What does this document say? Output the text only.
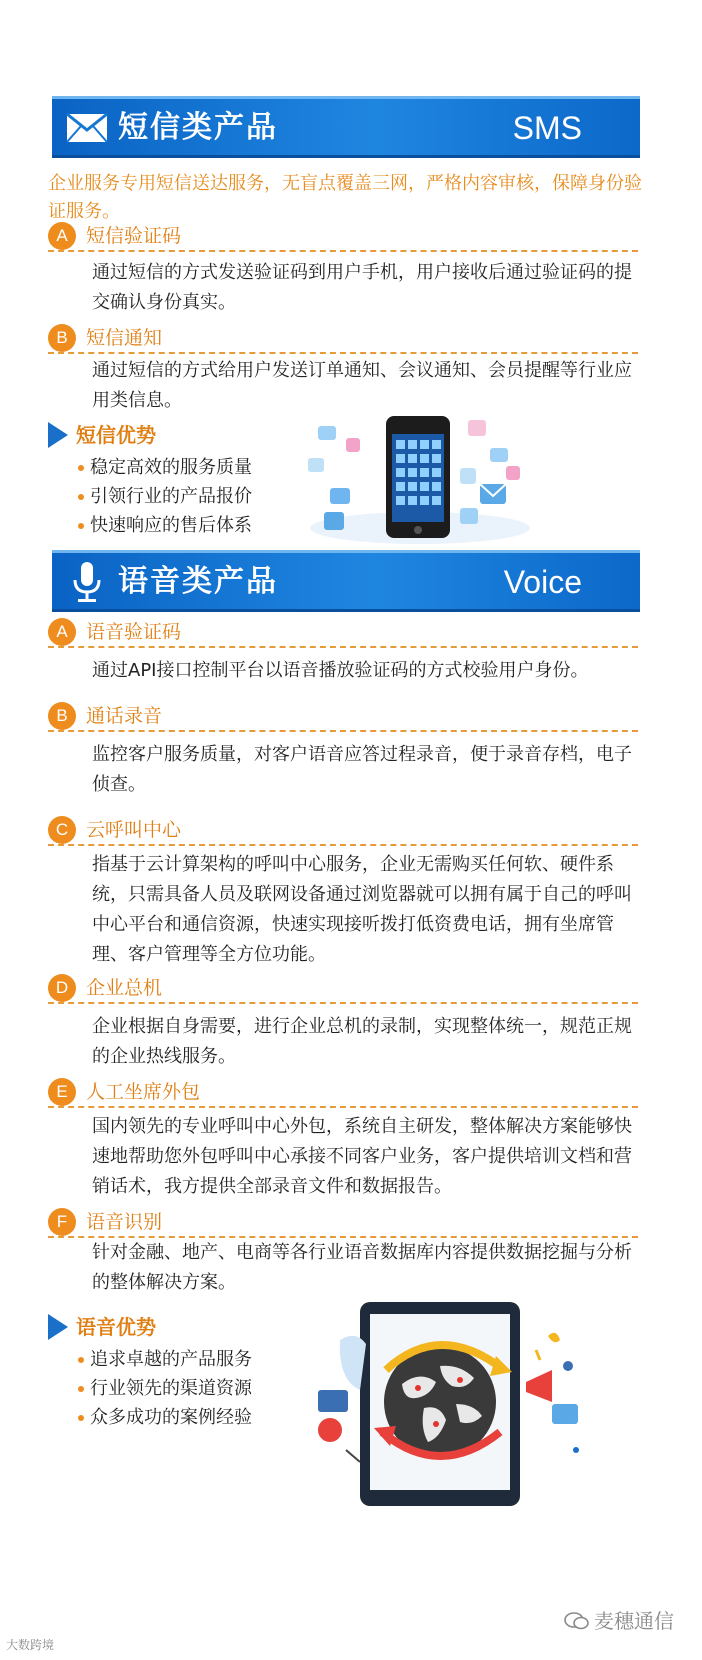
短信类产品	SMS
企业服务专用短信送达服务，无盲点覆盖三网，严格内容审核，保障身份验证服务。
A 短信验证码
通过短信的方式发送验证码到用户手机，用户接收后通过验证码的提交确认身份真实。
B 短信通知
通过短信的方式给用户发送订单通知、会议通知、会员提醒等行业应用类信息。
短信优势
稳定高效的服务质量
引领行业的产品报价
快速响应的售后体系
语音类产品	Voice
A 语音验证码
通过API接口控制平台以语音播放验证码的方式校验用户身份。
B 通话录音
监控客户服务质量，对客户语音应答过程录音，便于录音存档，电子侦查。
C 云呼叫中心
指基于云计算架构的呼叫中心服务，企业无需购买任何软、硬件系统，只需具备人员及联网设备通过浏览器就可以拥有属于自己的呼叫中心平台和通信资源，快速实现接听拨打低资费电话，拥有坐席管理、客户管理等全方位功能。
D 企业总机
企业根据自身需要，进行企业总机的录制，实现整体统一，规范正规的企业热线服务。
E 人工坐席外包
国内领先的专业呼叫中心外包，系统自主研发，整体解决方案能够快速地帮助您外包呼叫中心承接不同客户业务，客户提供培训文档和营销话术，我方提供全部录音文件和数据报告。
F 语音识别
针对金融、地产、电商等各行业语音数据库内容提供数据挖掘与分析的整体解决方案。
语音优势
追求卓越的产品服务
行业领先的渠道资源
众多成功的案例经验
麦穗通信
大数跨境
